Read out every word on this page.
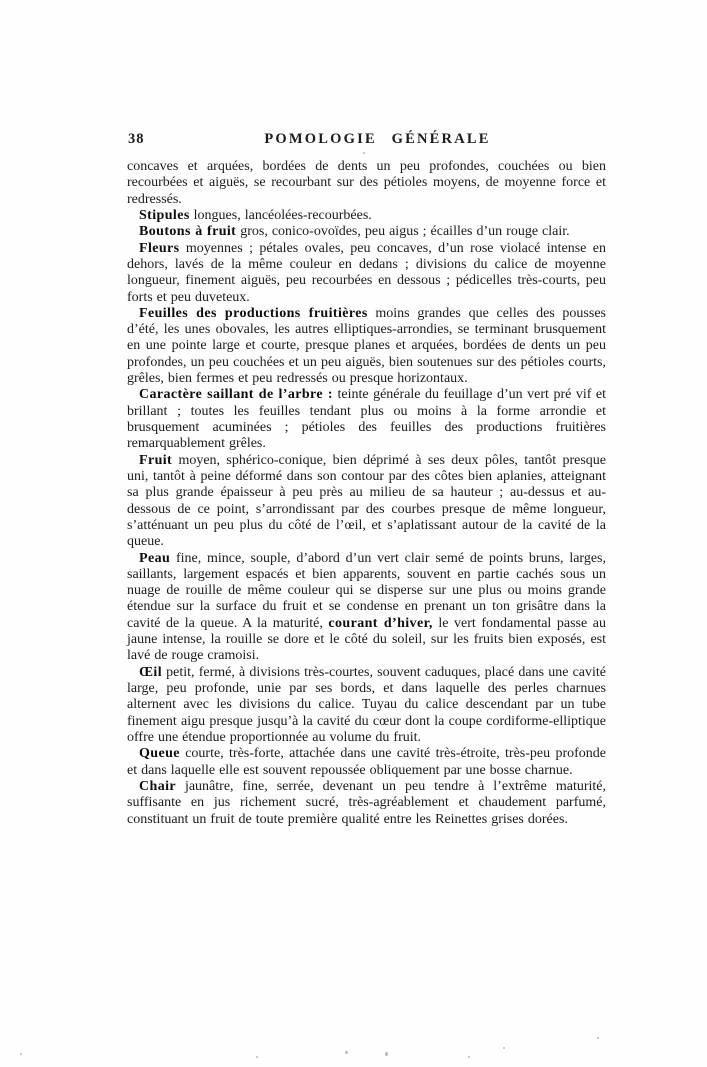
38	POMOLOGIE GÉNÉRALE

concaves et arquées, bordées de dents un peu profondes, couchées ou bien recourbées et aiguës, se recourbant sur des pétioles moyens, de moyenne force et redressés.

Stipules longues, lancéolées-recourbées.

Boutons à fruit gros, conico-ovoïdes, peu aigus ; écailles d’un rouge clair.

Fleurs moyennes ; pétales ovales, peu concaves, d’un rose violacé intense en dehors, lavés de la même couleur en dedans ; divisions du calice de moyenne longueur, finement aiguës, peu recourbées en dessous ; pédicelles très-courts, peu forts et peu duveteux.

Feuilles des productions fruitières moins grandes que celles des pousses d’été, les unes obovales, les autres elliptiques-arrondies, se terminant brusquement en une pointe large et courte, presque planes et arquées, bordées de dents un peu profondes, un peu couchées et un peu aiguës, bien soutenues sur des pétioles courts, grêles, bien fermes et peu redressés ou presque horizontaux.

Caractère saillant de l’arbre : teinte générale du feuillage d’un vert pré vif et brillant ; toutes les feuilles tendant plus ou moins à la forme arrondie et brusquement acuminées ; pétioles des feuilles des productions fruitières remarquablement grêles.

Fruit moyen, sphérico-conique, bien déprimé à ses deux pôles, tantôt presque uni, tantôt à peine déformé dans son contour par des côtes bien aplanies, atteignant sa plus grande épaisseur à peu près au milieu de sa hauteur ; au-dessus et au-dessous de ce point, s’arrondissant par des courbes presque de même longueur, s’atténuant un peu plus du côté de l’œil, et s’aplatissant autour de la cavité de la queue.

Peau fine, mince, souple, d’abord d’un vert clair semé de points bruns, larges, saillants, largement espacés et bien apparents, souvent en partie cachés sous un nuage de rouille de même couleur qui se disperse sur une plus ou moins grande étendue sur la surface du fruit et se condense en prenant un ton grisâtre dans la cavité de la queue. A la maturité, courant d’hiver, le vert fondamental passe au jaune intense, la rouille se dore et le côté du soleil, sur les fruits bien exposés, est lavé de rouge cramoisi.

Œil petit, fermé, à divisions très-courtes, souvent caduques, placé dans une cavité large, peu profonde, unie par ses bords, et dans laquelle des perles charnues alternent avec les divisions du calice. Tuyau du calice descendant par un tube finement aigu presque jusqu’à la cavité du cœur dont la coupe cordiforme-elliptique offre une étendue proportionnée au volume du fruit.

Queue courte, très-forte, attachée dans une cavité très-étroite, très-peu profonde et dans laquelle elle est souvent repoussée obliquement par une bosse charnue.

Chair jaunâtre, fine, serrée, devenant un peu tendre à l’extrême maturité, suffisante en jus richement sucré, très-agréablement et chaudement parfumé, constituant un fruit de toute première qualité entre les Reinettes grises dorées.
